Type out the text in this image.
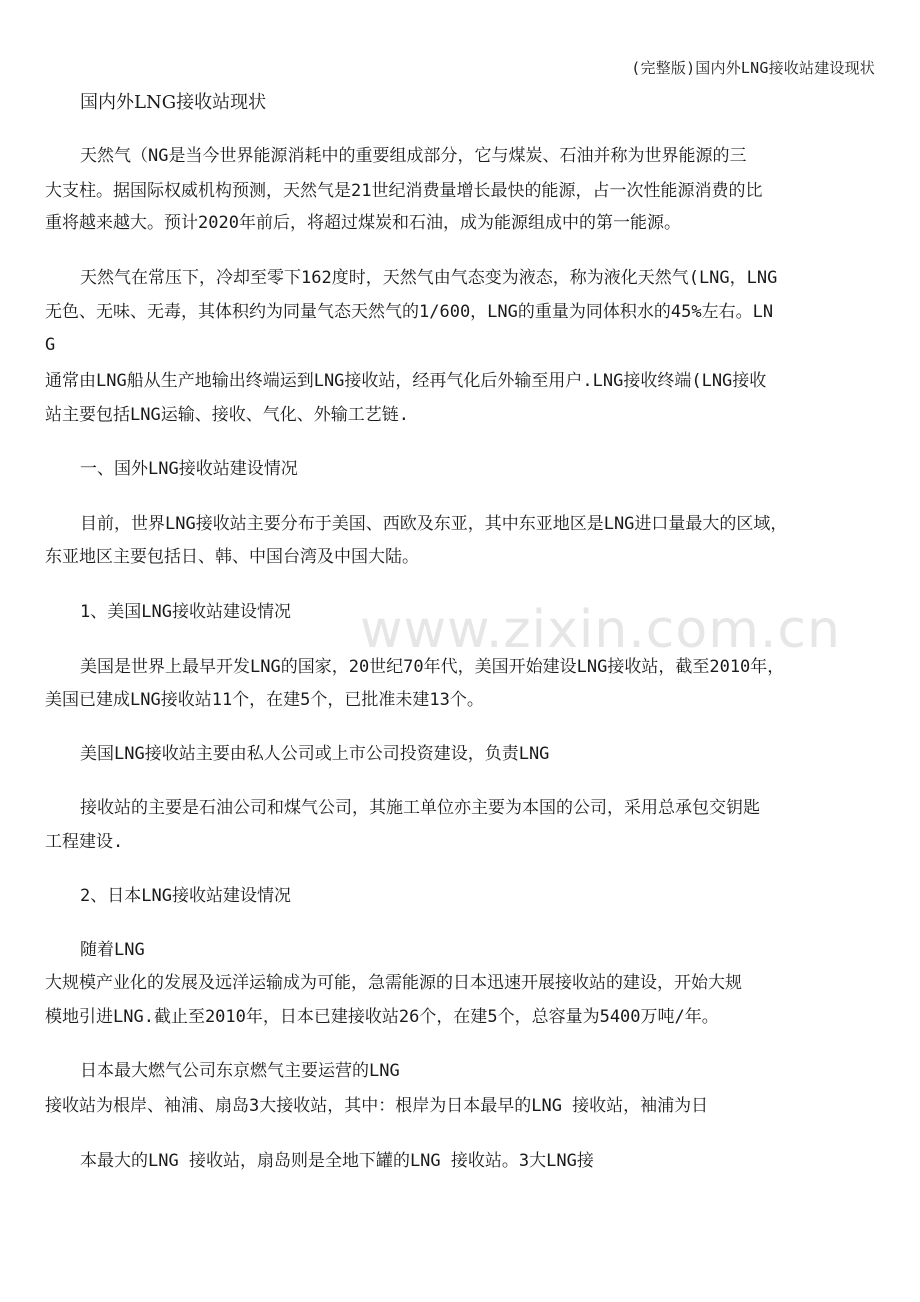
(完整版)国内外LNG接收站建设现状
国内外LNG接收站现状
www.zixin.com.cn
天然气（NG是当今世界能源消耗中的重要组成部分，它与煤炭、石油并称为世界能源的三
大支柱。据国际权威机构预测，天然气是21世纪消费量增长最快的能源，占一次性能源消费的比
重将越来越大。预计2020年前后，将超过煤炭和石油，成为能源组成中的第一能源。
天然气在常压下，冷却至零下162度时，天然气由气态变为液态，称为液化天然气(LNG，LNG
无色、无味、无毒，其体积约为同量气态天然气的1/600，LNG的重量为同体积水的45%左右。LN
G
通常由LNG船从生产地输出终端运到LNG接收站，经再气化后外输至用户.LNG接收终端(LNG接收
站主要包括LNG运输、接收、气化、外输工艺链.
一、国外LNG接收站建设情况
目前，世界LNG接收站主要分布于美国、西欧及东亚，其中东亚地区是LNG进口量最大的区域，
东亚地区主要包括日、韩、中国台湾及中国大陆。
1、美国LNG接收站建设情况
美国是世界上最早开发LNG的国家，20世纪70年代，美国开始建设LNG接收站，截至2010年，
美国已建成LNG接收站11个，在建5个，已批准未建13个。
美国LNG接收站主要由私人公司或上市公司投资建设，负责LNG
接收站的主要是石油公司和煤气公司，其施工单位亦主要为本国的公司，采用总承包交钥匙
工程建设.
2、日本LNG接收站建设情况
随着LNG
大规模产业化的发展及远洋运输成为可能，急需能源的日本迅速开展接收站的建设，开始大规
模地引进LNG.截止至2010年，日本已建接收站26个，在建5个，总容量为5400万吨/年。
日本最大燃气公司东京燃气主要运营的LNG
接收站为根岸、袖浦、扇岛3大接收站，其中：根岸为日本最早的LNG 接收站，袖浦为日
本最大的LNG 接收站，扇岛则是全地下罐的LNG 接收站。3大LNG接
